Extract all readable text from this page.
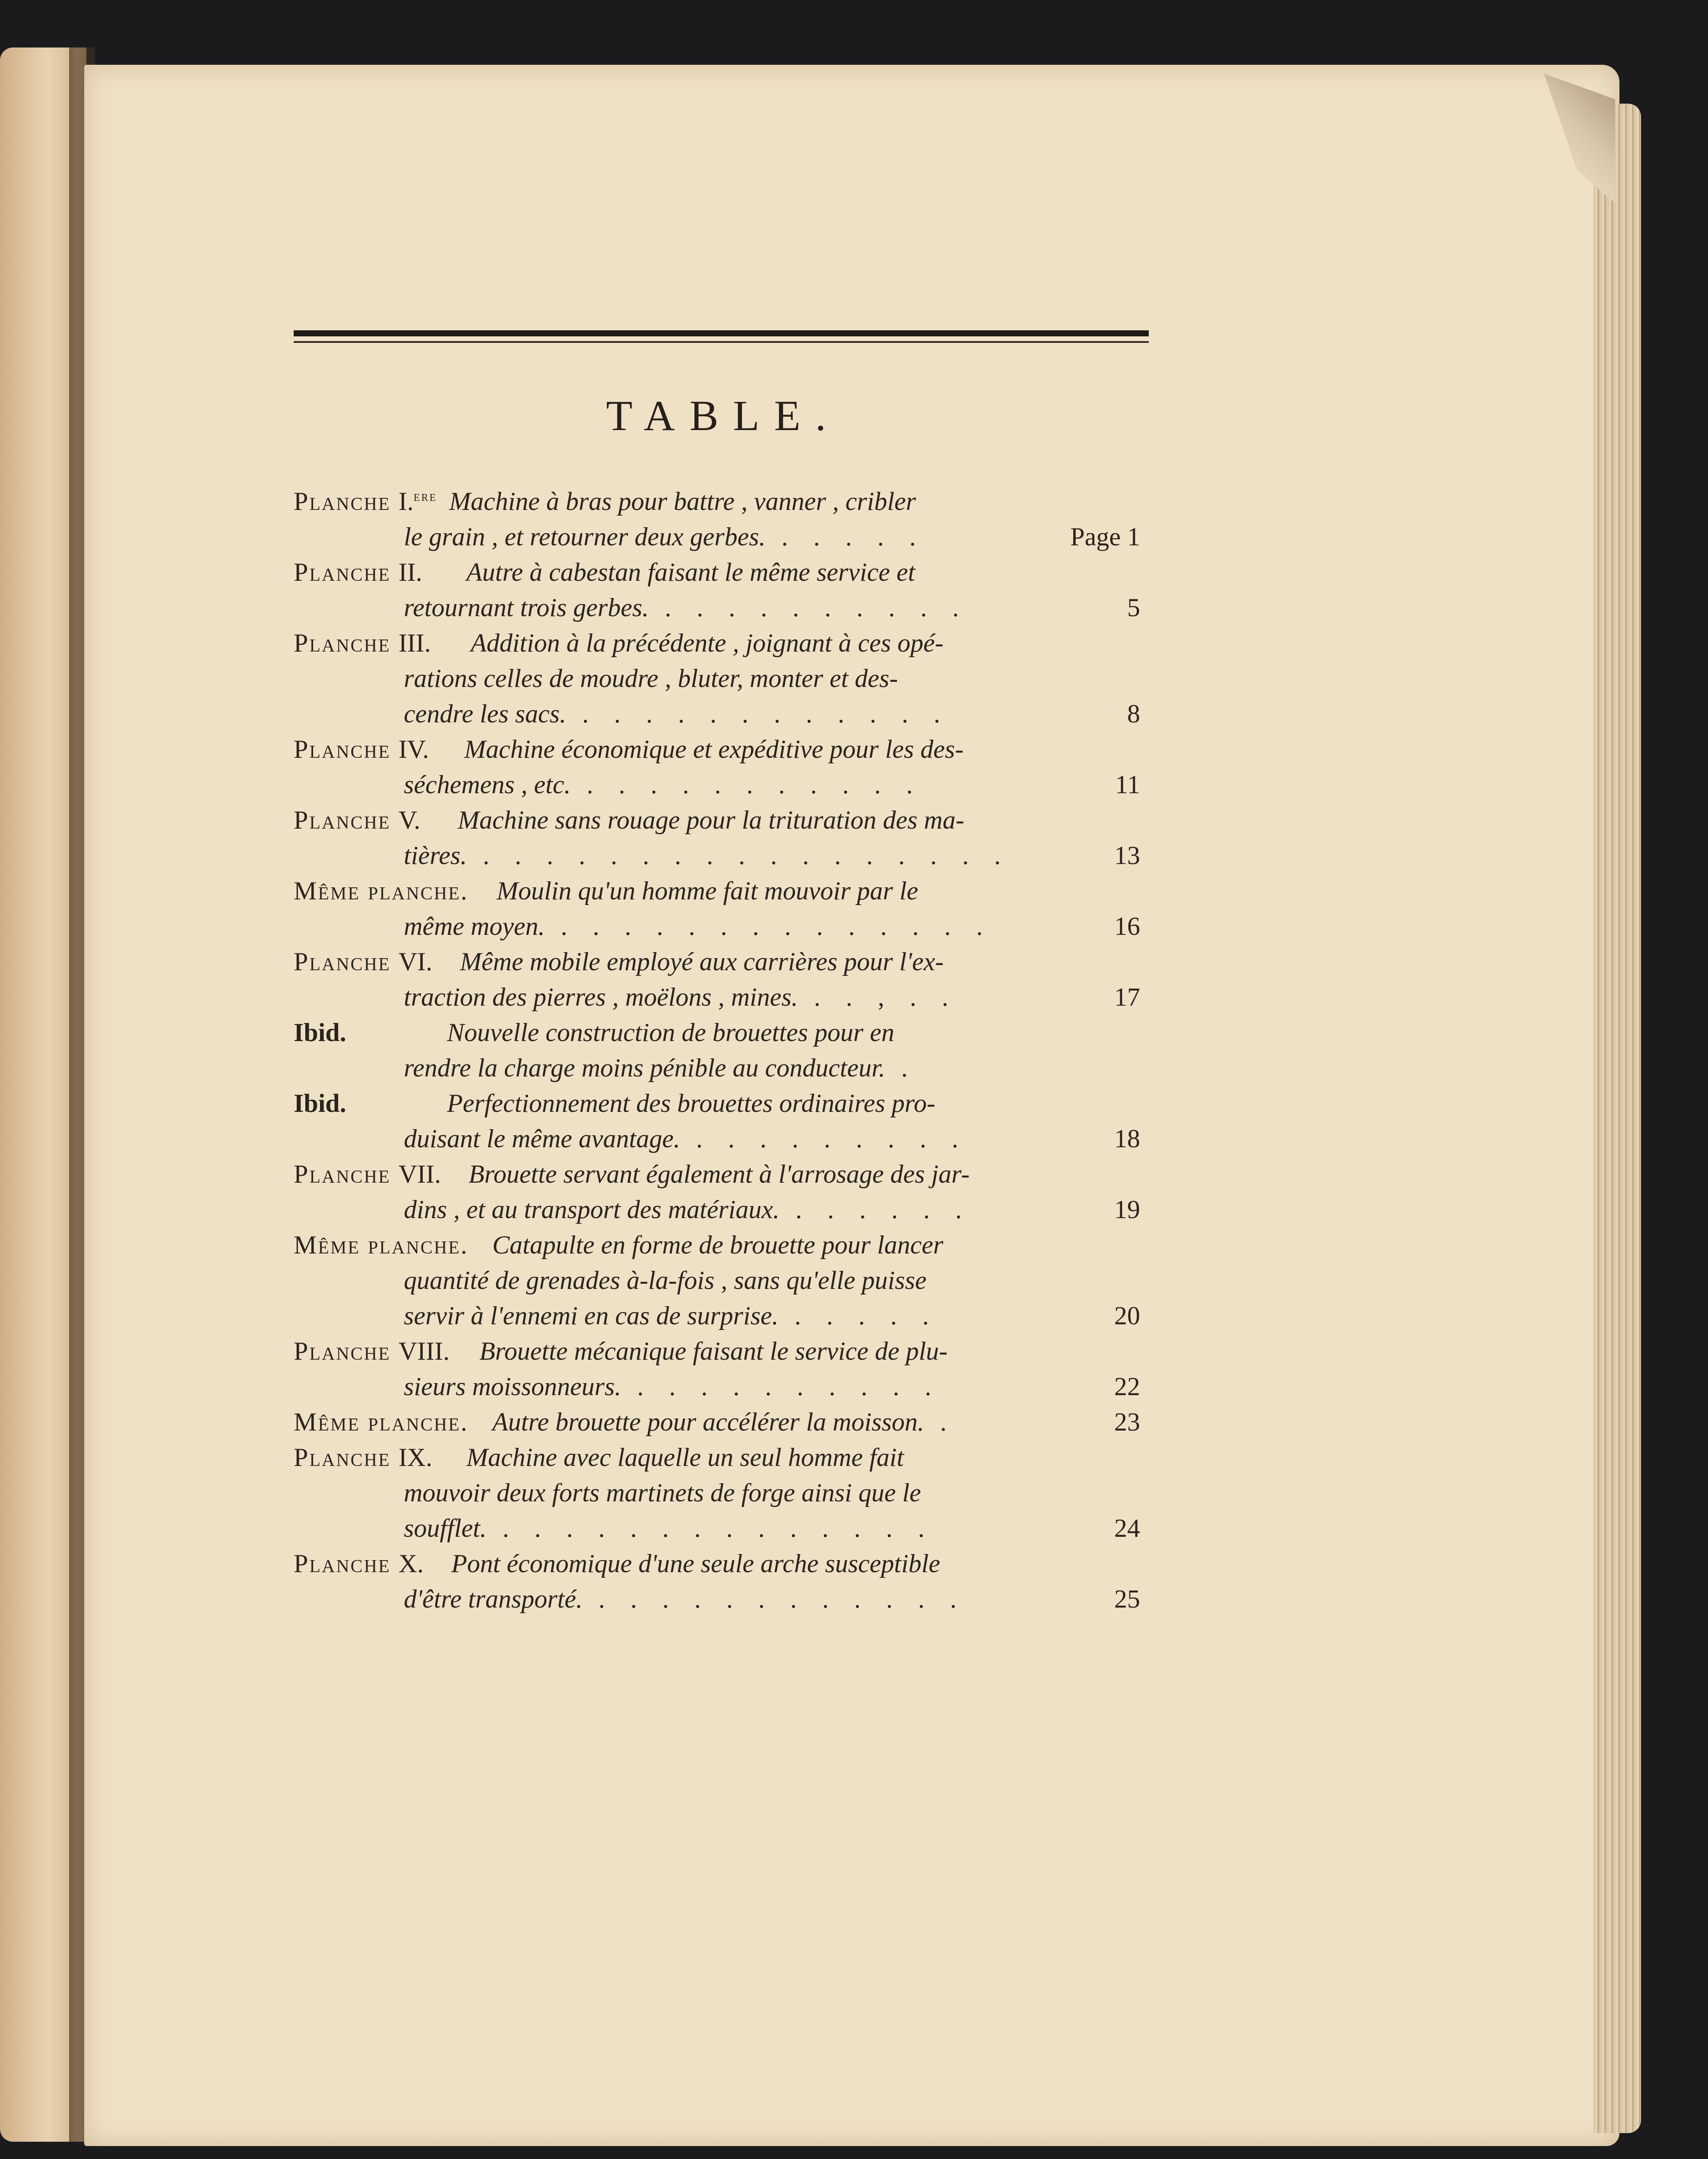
TABLE.
Planche I.$^{ere}$ Machine à bras pour battre , vanner , cribler
le grain , et retourner deux gerbes. . . . . .	Page 1
Planche II. Autre à cabestan faisant le même service et
retournant trois gerbes. . . . . . . . . . .	5
Planche III. Addition à la précédente , joignant à ces opé-
rations celles de moudre , bluter, monter et des-
cendre les sacs. . . . . . . . . . . . .	8
Planche IV. Machine économique et expéditive pour les des-
séchemens , etc. . . . . . . . . . . .	11
Planche V. Machine sans rouage pour la trituration des ma-
tières. . . . . . . . . . . . . . . . . .	13
Même planche. Moulin qu'un homme fait mouvoir par le
même moyen. . . . . . . . . . . . . . .	16
Planche VI. Même mobile employé aux carrières pour l'ex-
traction des pierres , moëlons , mines. . . , . .	17
Ibid.	Nouvelle construction de brouettes pour en
rendre la charge moins pénible au conducteur. .
Ibid.	Perfectionnement des brouettes ordinaires pro-
duisant le même avantage. . . . . . . . . .	18
Planche VII. Brouette servant également à l'arrosage des jar-
dins , et au transport des matériaux. . . . . . .	19
Même planche. Catapulte en forme de brouette pour lancer
quantité de grenades à-la-fois , sans qu'elle puisse
servir à l'ennemi en cas de surprise. . . . . .	20
Planche VIII. Brouette mécanique faisant le service de plu-
sieurs moissonneurs. . . . . . . . . . .	22
Même planche. Autre brouette pour accélérer la moisson. .	23
Planche IX. Machine avec laquelle un seul homme fait
mouvoir deux forts martinets de forge ainsi que le
soufflet. . . . . . . . . . . . . . .	24
Planche X. Pont économique d'une seule arche susceptible
d'être transporté. . . . . . . . . . . . .	25
